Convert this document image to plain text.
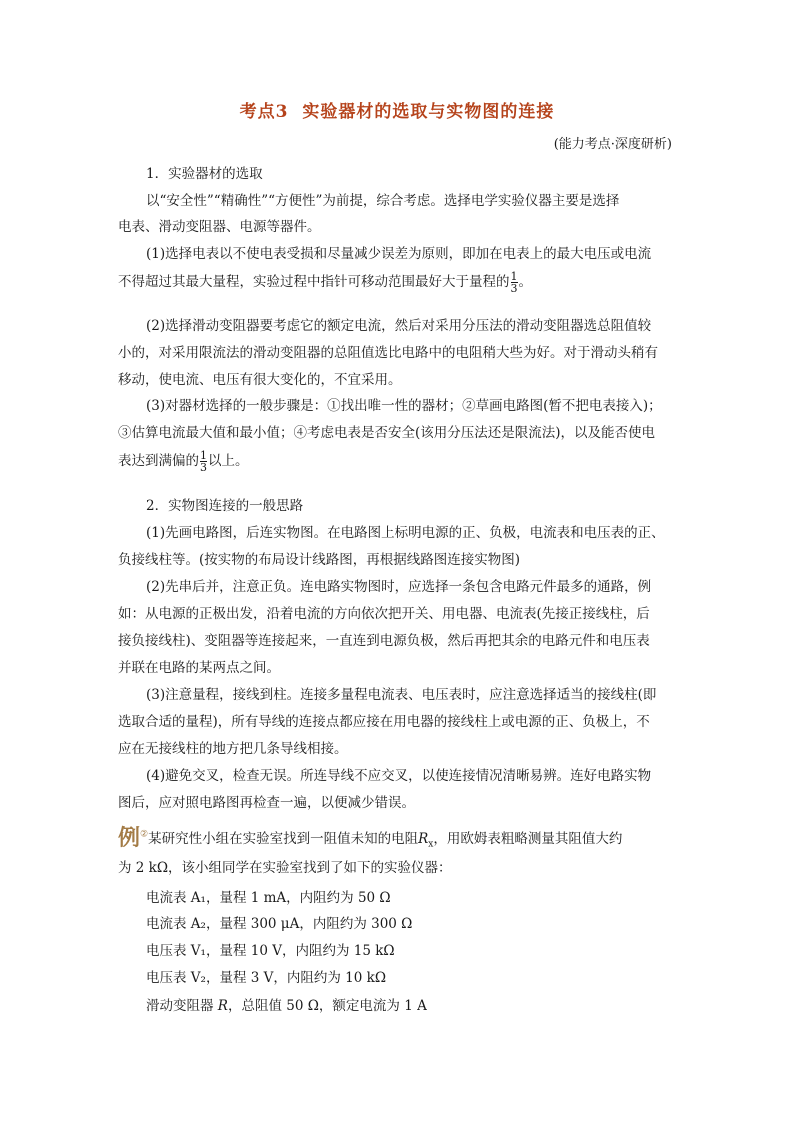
考点3 实验器材的选取与实物图的连接
(能力考点·深度研析)
1．实验器材的选取
以“安全性”“精确性”“方便性”为前提，综合考虑。选择电学实验仪器主要是选择
电表、滑动变阻器、电源等器件。
(1)选择电表以不使电表受损和尽量减少误差为原则，即加在电表上的最大电压或电流
不得超过其最大量程，实验过程中指针可移动范围最好大于量程的 $\frac{1}{3}$ 。
(2)选择滑动变阻器要考虑它的额定电流，然后对采用分压法的滑动变阻器选总阻值较
小的，对采用限流法的滑动变阻器的总阻值选比电路中的电阻稍大些为好。对于滑动头稍有
移动，使电流、电压有很大变化的，不宜采用。
(3)对器材选择的一般步骤是：①找出唯一性的器材；②草画电路图(暂不把电表接入)；
③估算电流最大值和最小值；④考虑电表是否安全(该用分压法还是限流法)，以及能否使电
表达到满偏的 $\frac{1}{3}$ 以上。
2．实物图连接的一般思路
(1)先画电路图，后连实物图。在电路图上标明电源的正、负极，电流表和电压表的正、
负接线柱等。(按实物的布局设计线路图，再根据线路图连接实物图)
(2)先串后并，注意正负。连电路实物图时，应选择一条包含电路元件最多的通路，例
如：从电源的正极出发，沿着电流的方向依次把开关、用电器、电流表(先接正接线柱，后
接负接线柱)、变阻器等连接起来，一直连到电源负极，然后再把其余的电路元件和电压表
并联在电路的某两点之间。
(3)注意量程，接线到柱。连接多量程电流表、电压表时，应注意选择适当的接线柱(即
选取合适的量程)，所有导线的连接点都应接在用电器的接线柱上或电源的正、负极上，不
应在无接线柱的地方把几条导线相接。
(4)避免交叉，检查无误。所连导线不应交叉，以使连接情况清晰易辨。连好电路实物
图后，应对照电路图再检查一遍，以便减少错误。
例②某研究性小组在实验室找到一阻值未知的电阻$R_x$，用欧姆表粗略测量其阻值大约
为 2 kΩ，该小组同学在实验室找到了如下的实验仪器：
电流表 A₁，量程 1 mA，内阻约为 50 Ω
电流表 A₂，量程 300 μA，内阻约为 300 Ω
电压表 V₁，量程 10 V，内阻约为 15 kΩ
电压表 V₂，量程 3 V，内阻约为 10 kΩ
滑动变阻器 R，总阻值 50 Ω，额定电流为 1 A
